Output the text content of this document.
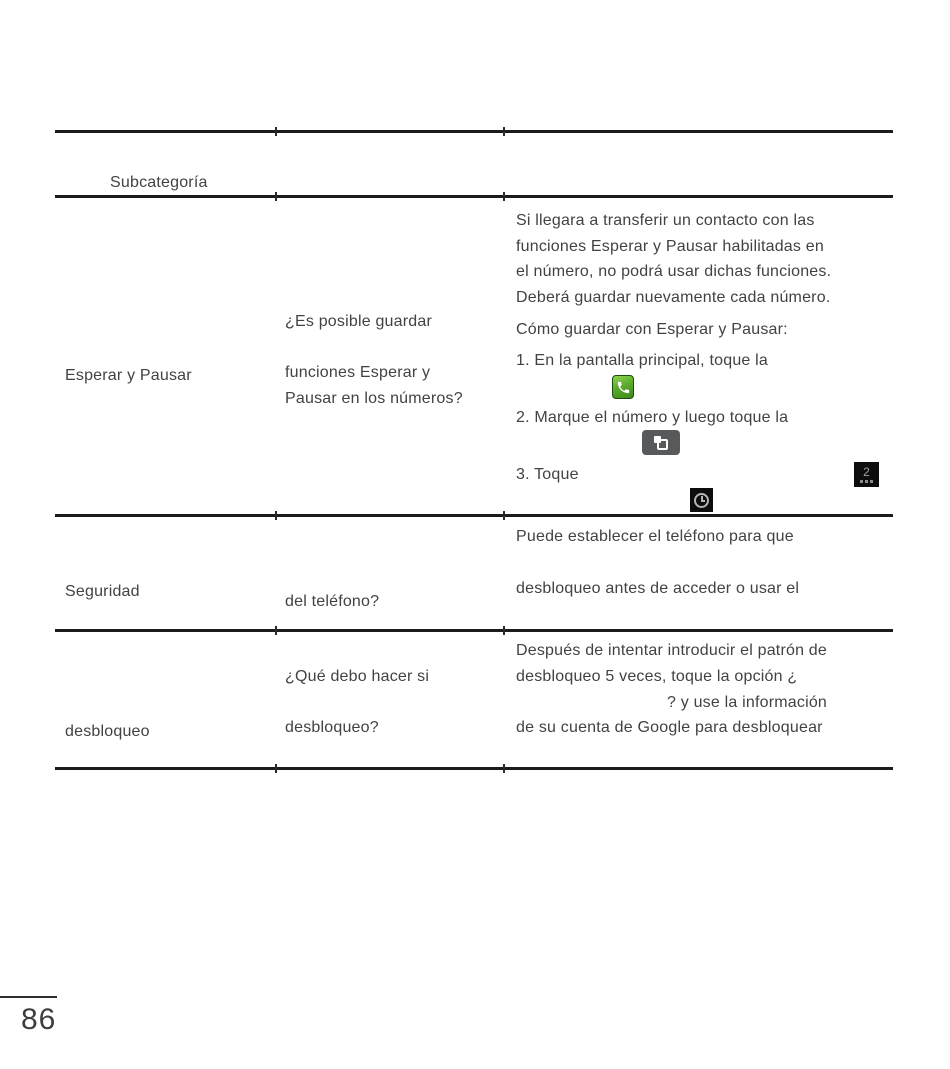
Subcategoría
Esperar y Pausar
¿Es posible guardar
funciones Esperar y
Pausar en los números?
Si llegara a transferir un contacto con las
funciones Esperar y Pausar habilitadas en
el número, no podrá usar dichas funciones.
Deberá guardar nuevamente cada número.
Cómo guardar con Esperar y Pausar:
1. En la pantalla principal, toque la
2. Marque el número y luego toque la
3. Toque	2
Seguridad
del teléfono?
Puede establecer el teléfono para que
desbloqueo antes de acceder o usar el
desbloqueo
¿Qué debo hacer si
desbloqueo?
Después de intentar introducir el patrón de
desbloqueo 5 veces, toque la opción ¿
? y use la información
de su cuenta de Google para desbloquear
86
